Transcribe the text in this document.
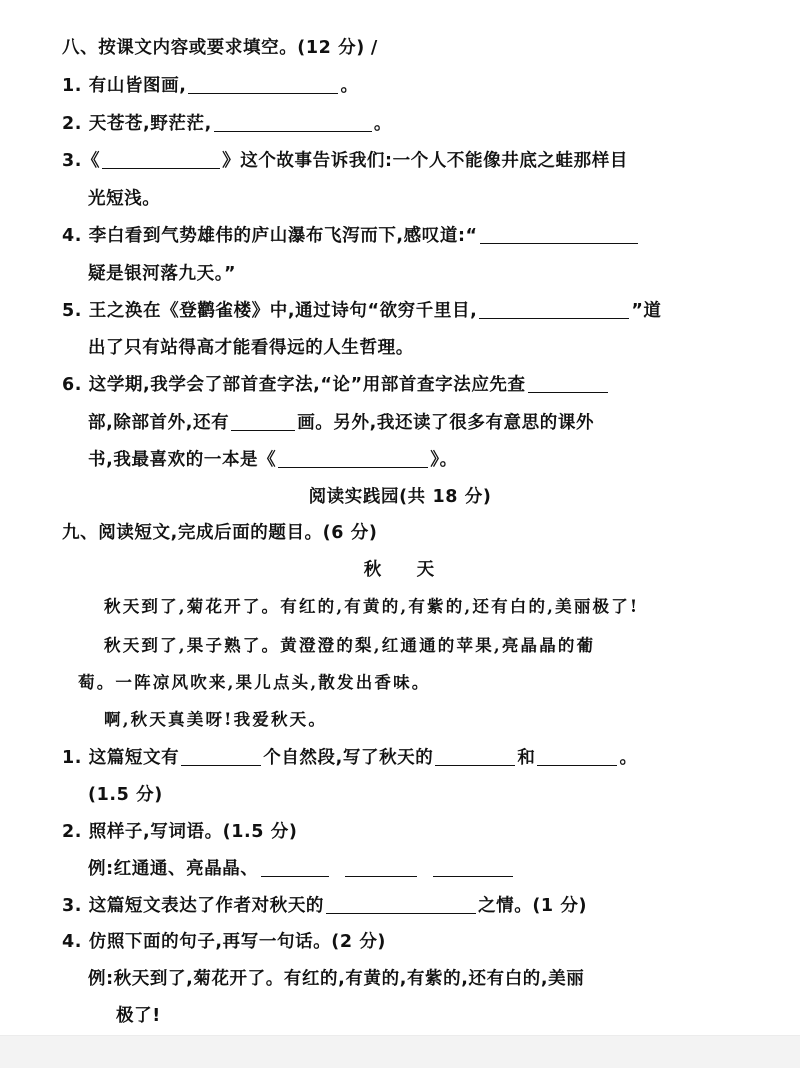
八、按课文内容或要求填空。(12 分) /
1. 有山皆图画,	。
2. 天苍苍,野茫茫,	。
3.《	》这个故事告诉我们:一个人不能像井底之蛙那样目
光短浅。
4. 李白看到气势雄伟的庐山瀑布飞泻而下,感叹道:“
疑是银河落九天。”
5. 王之涣在《登鹳雀楼》中,通过诗句“欲穷千里目,	”道
出了只有站得高才能看得远的人生哲理。
6. 这学期,我学会了部首查字法,“论”用部首查字法应先查
部,除部首外,还有	画。另外,我还读了很多有意思的课外
书,我最喜欢的一本是《	》。
阅读实践园(共 18 分)
九、阅读短文,完成后面的题目。(6 分)
秋    天
秋天到了,菊花开了。有红的,有黄的,有紫的,还有白的,美丽极了!
秋天到了,果子熟了。黄澄澄的梨,红通通的苹果,亮晶晶的葡
萄。一阵凉风吹来,果儿点头,散发出香味。
啊,秋天真美呀!我爱秋天。
1. 这篇短文有	个自然段,写了秋天的	和	。
(1.5 分)
2. 照样子,写词语。(1.5 分)
例:红通通、亮晶晶、
3. 这篇短文表达了作者对秋天的	之情。(1 分)
4. 仿照下面的句子,再写一句话。(2 分)
例:秋天到了,菊花开了。有红的,有黄的,有紫的,还有白的,美丽
极了!
